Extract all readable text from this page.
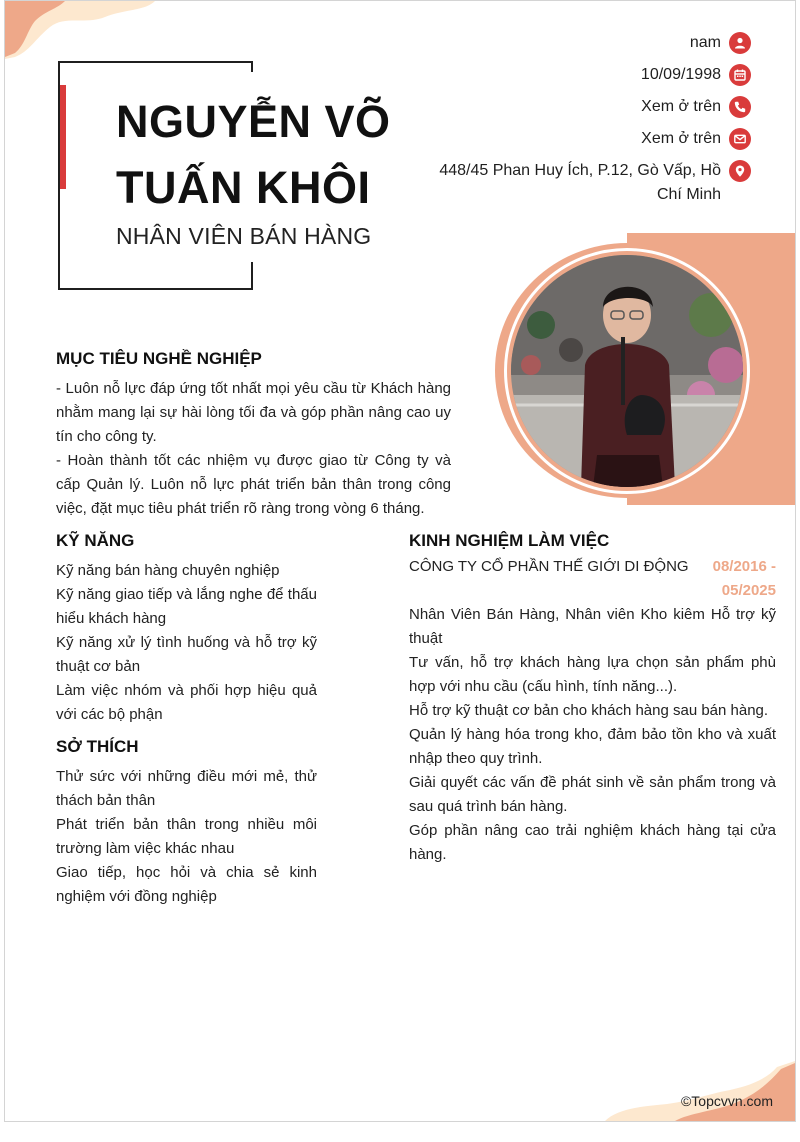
NGUYỄN VÕ TUẤN KHÔI
NHÂN VIÊN BÁN HÀNG
nam
10/09/1998
Xem ở trên
Xem ở trên
448/45 Phan Huy Ích, P.12, Gò Vấp, Hồ Chí Minh
MỤC TIÊU NGHỀ NGHIỆP
- Luôn nỗ lực đáp ứng tốt nhất mọi yêu cầu từ Khách hàng nhằm mang lại sự hài lòng tối đa và góp phần nâng cao uy tín cho công ty.
- Hoàn thành tốt các nhiệm vụ được giao từ Công ty và cấp Quản lý. Luôn nỗ lực phát triển bản thân trong công việc, đặt mục tiêu phát triển rõ ràng trong vòng 6 tháng.
KỸ NĂNG
Kỹ năng bán hàng chuyên nghiệp
Kỹ năng giao tiếp và lắng nghe để thấu hiểu khách hàng
Kỹ năng xử lý tình huống và hỗ trợ kỹ thuật cơ bản
Làm việc nhóm và phối hợp hiệu quả với các bộ phận
SỞ THÍCH
Thử sức với những điều mới mẻ, thử thách bản thân
Phát triển bản thân trong nhiều môi trường làm việc khác nhau
Giao tiếp, học hỏi và chia sẻ kinh nghiệm với đồng nghiệp
KINH NGHIỆM LÀM VIỆC
CÔNG TY CỔ PHẦN THẾ GIỚI DI ĐỘNG	08/2016 - 05/2025
Nhân Viên Bán Hàng, Nhân viên Kho kiêm Hỗ trợ kỹ thuật
Tư vấn, hỗ trợ khách hàng lựa chọn sản phẩm phù hợp với nhu cầu (cấu hình, tính năng...).
Hỗ trợ kỹ thuật cơ bản cho khách hàng sau bán hàng.
Quản lý hàng hóa trong kho, đảm bảo tồn kho và xuất nhập theo quy trình.
Giải quyết các vấn đề phát sinh về sản phẩm trong và sau quá trình bán hàng.
Góp phần nâng cao trải nghiệm khách hàng tại cửa hàng.
©Topcvvn.com
